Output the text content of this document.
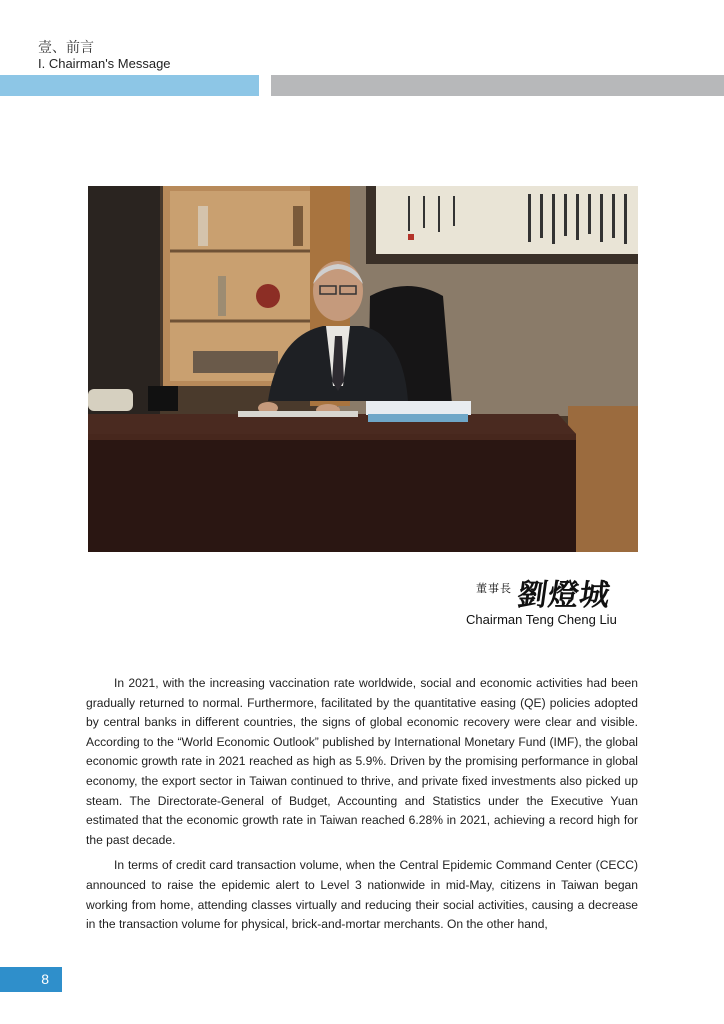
壹、前言
I. Chairman's Message
董事長 劉燈城
Chairman Teng Cheng Liu

In 2021, with the increasing vaccination rate worldwide, social and economic activities had been gradually returned to normal. Furthermore, facilitated by the quantitative easing (QE) policies adopted by central banks in different countries, the signs of global economic recovery were clear and visible. According to the “World Economic Outlook” published by International Monetary Fund (IMF), the global economic growth rate in 2021 reached as high as 5.9%. Driven by the promising performance in global economy, the export sector in Taiwan continued to thrive, and private fixed investments also picked up steam. The Directorate-General of Budget, Accounting and Statistics under the Executive Yuan estimated that the economic growth rate in Taiwan reached 6.28% in 2021, achieving a record high for the past decade.

In terms of credit card transaction volume, when the Central Epidemic Command Center (CECC) announced to raise the epidemic alert to Level 3 nationwide in mid-May, citizens in Taiwan began working from home, attending classes virtually and reducing their social activities, causing a decrease in the transaction volume for physical, brick-and-mortar merchants. On the other hand,

8
